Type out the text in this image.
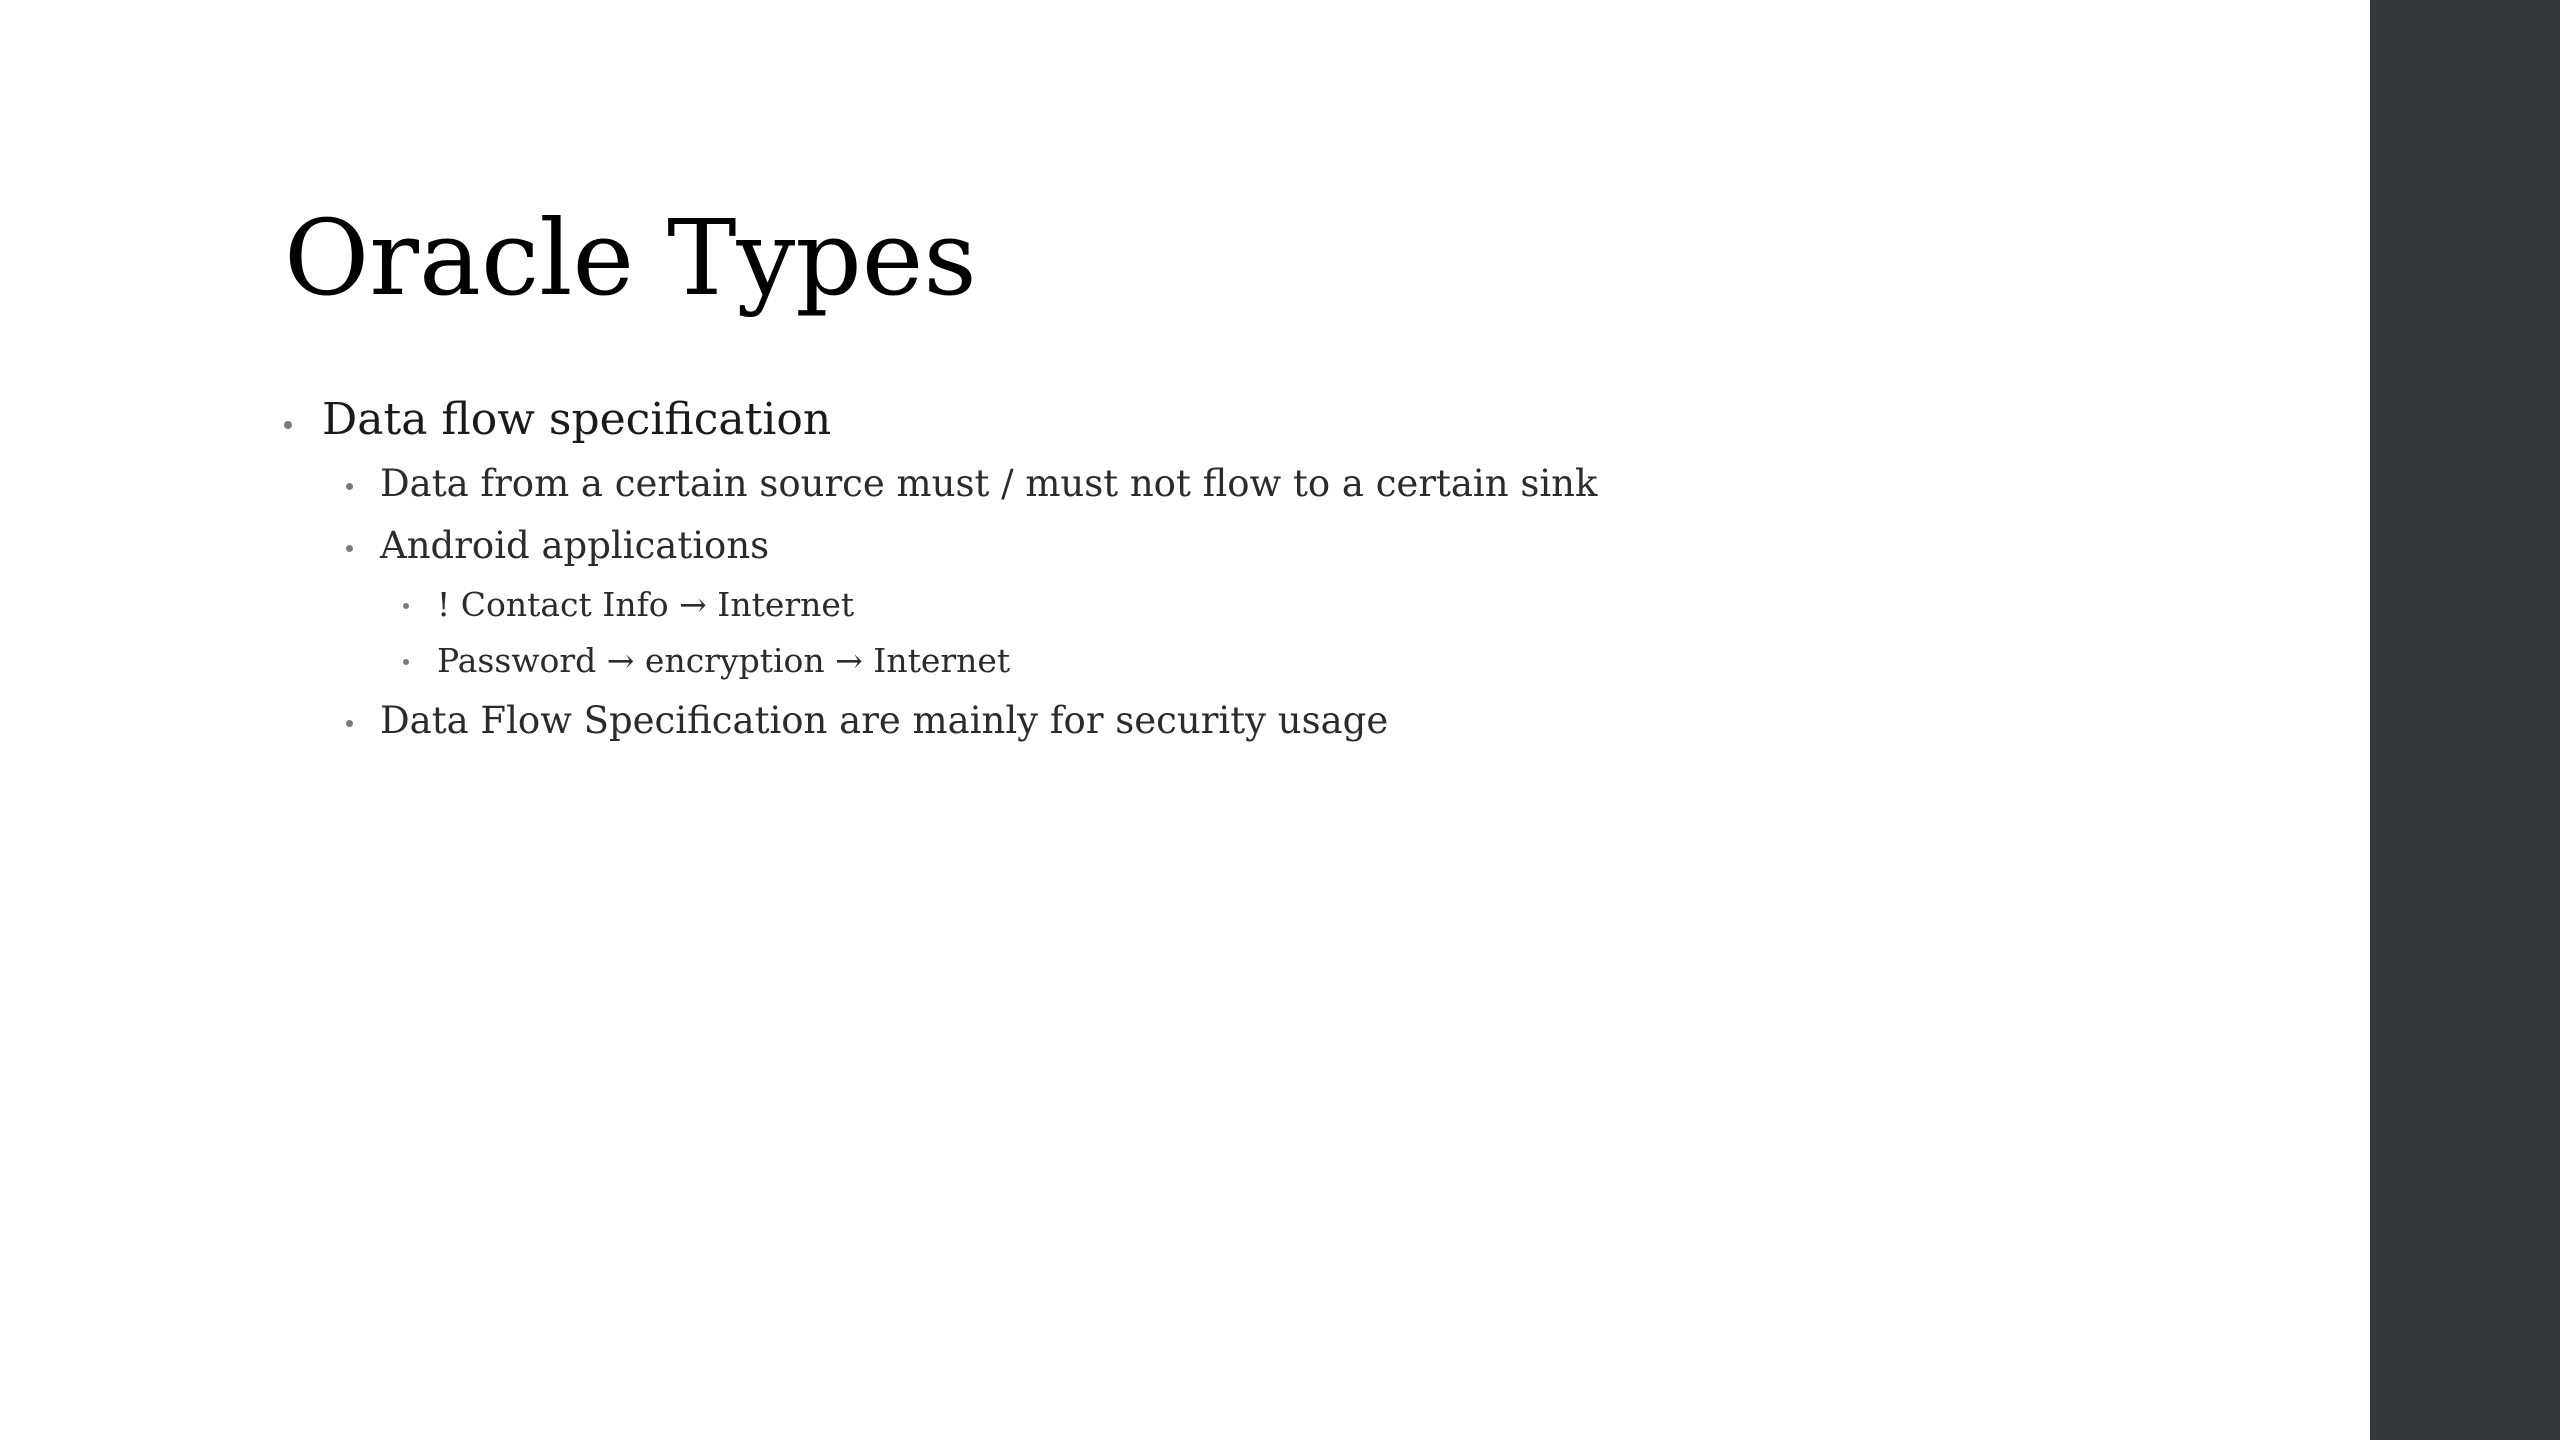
Oracle Types
Data flow specification
Data from a certain source must / must not flow to a certain sink
Android applications
! Contact Info → Internet
Password → encryption → Internet
Data Flow Specification are mainly for security usage
